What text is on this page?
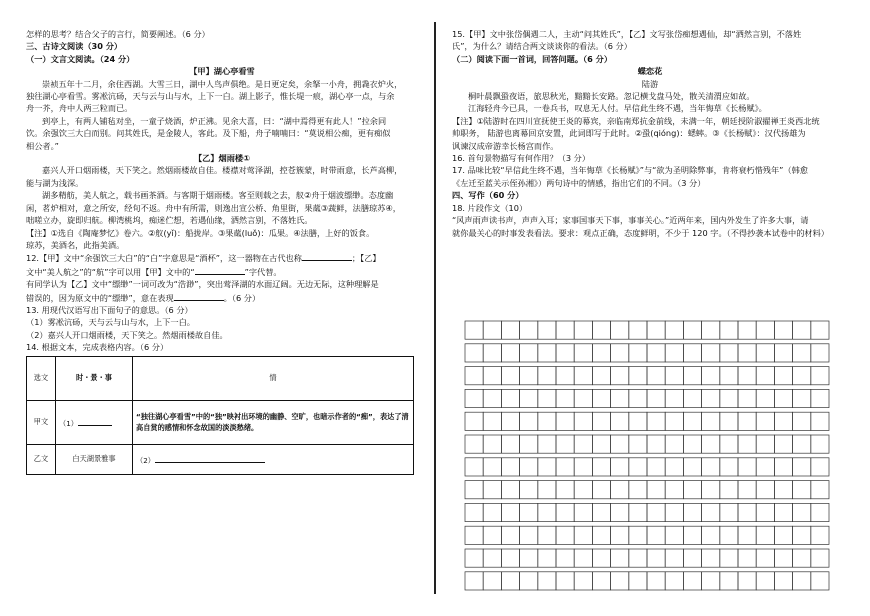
怎样的思考？结合父子的言行，简要阐述。（6 分）

三、古诗文阅读（30 分）

（一）文言文阅读。（24 分）

【甲】湖心亭看雪

崇祯五年十二月，余住西湖。大雪三日，湖中人鸟声俱绝。是日更定矣，余拏一小舟，拥毳衣炉火，

独往湖心亭看雪。雾凇沆砀，天与云与山与水，上下一白。湖上影子，惟长堤一痕，湖心亭一点，与余

舟一芥，舟中人两三粒而已。

到亭上，有两人铺毡对坐，一童子烧酒，炉正沸。见余大喜，曰：“湖中焉得更有此人！”拉余同

饮。余强饮三大白而别。问其姓氏，是金陵人，客此。及下船，舟子喃喃曰：“莫说相公痴，更有痴似

相公者。”

【乙】烟雨楼①

嘉兴人开口烟雨楼，天下笑之。然烟雨楼故自佳。楼襟对莺泽湖，控苍簇蒙，时带雨意，长芦高柳，

能与湖为浅深。

湖多精舫，美人航之，载书画茶酒。与客期于烟雨楼。客至则载之去，舣②舟于烟波缥缈。态度幽

闲，茗炉相对，意之所安，经旬不返。舟中有所需，则逸出宣公桥、角里街，果蓏③蔬鲜，法膳琼苏④，

咄嗟立办，旋即归航。柳湾桃坞，痴迷伫想，若遇仙缘，洒然言别，不落姓氏。

【注】①选自《陶庵梦忆》卷六。②舣(yǐ)：船拢岸。③果蓏(luǒ)：瓜果。④法膳，上好的饭食。

琼苏，美酒名，此指美酒。

12.【甲】文中“余强饮三大白”的“白”字意思是“酒杯”，这一器物在古代也称	；【乙】

文中“美人航之”的“航”字可以用【甲】文中的“	”字代替。

有同学认为【乙】文中“缥缈”一词可改为“浩渺”，突出莺泽湖的水面辽阔。无边无际，这种理解是

错误的，因为原文中的“缥缈”，意在表现	。（6 分）

13. 用现代汉语写出下面句子的意思。（6 分）

（1）雾凇沆砀，天与云与山与水，上下一白。

（2）嘉兴人开口烟雨楼，天下笑之。然烟雨楼故自佳。

14. 根据文本，完成表格内容。（6 分）

选文	时・景・事	情
甲文	（1）	“独往湖心亭看雪”中的“独”映衬出环境的幽静、空旷，也暗示作者的“痴”，表达了清高自赏的感情和怀念故国的淡淡愁绪。
乙文	白天湖景雅事	（2）

15.【甲】文中张岱偶遇二人，主动“问其姓氏”，【乙】文写张岱痴想遇仙，却“洒然言别，不落姓

氏”，为什么？请结合两文谈谈你的看法。（6 分）

（二）阅读下面一首词，回答问题。（6 分）

蝶恋花

陆游

桐叶晨飘蛩夜语，旅思秋光，黯黯长安路。忽记横戈盘马处，散关清渭应如故。

江海轻舟今已具，一卷兵书，叹息无人付。早信此生终不遇，当年悔草《长杨赋》。

【注】①陆游时在四川宣抚使王炎的幕宾，亲临南郑抗金前线，未满一年，朝廷授阶淑擢禅王炎西北统

帅职务， 陆游也离幕回京安置，此词即写于此时。②蛩(qióng)：蟋蟀。③《长杨赋》：汉代扬雄为

讽谏汉成帝游幸长杨宫而作。

16. 首句景物描写有何作用？（3 分）

17. 品味比较“早信此生终不遇，当年悔草《长杨赋》”与“欲为圣明除弊事，肯将衰朽惜残年”（韩愈

《左迁至蓝关示侄孙湘》）两句诗中的情感，指出它们的不同。（3 分）

四、写作（60 分）

18. 片段作文（10）

“风声雨声读书声，声声入耳；家事国事天下事，事事关心。”近两年来，国内外发生了许多大事，请

就你最关心的时事发表看法。要求：观点正确，态度鲜明，不少于 120 字。（不得抄袭本试卷中的材料）
